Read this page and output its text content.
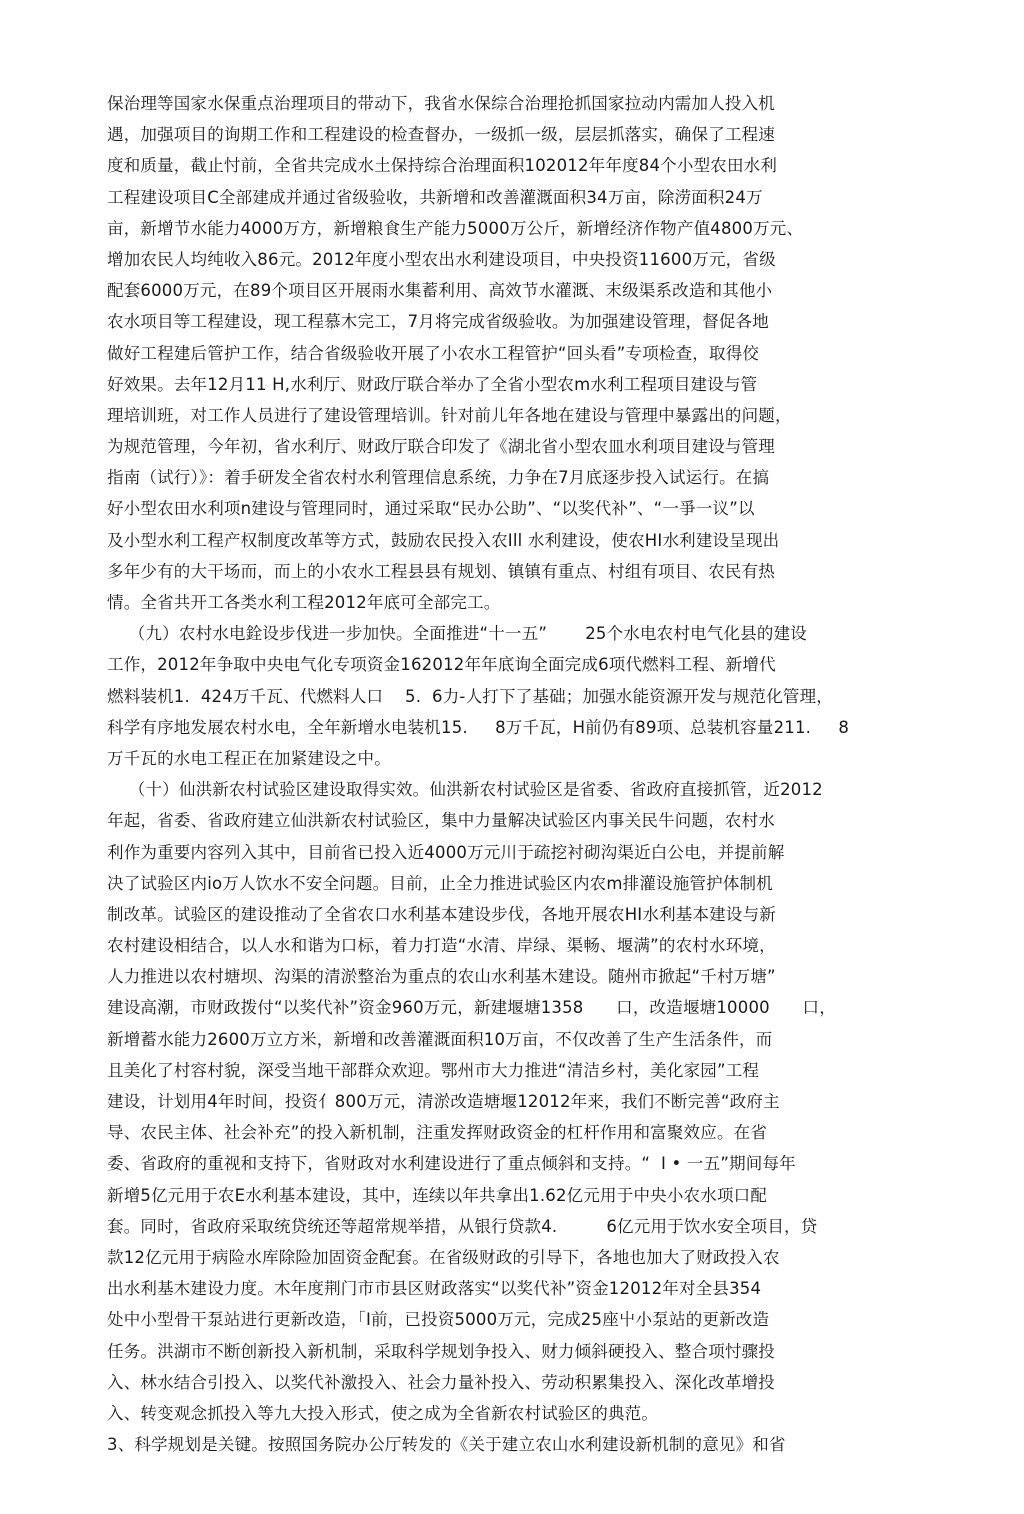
保治理等国家水保重点治理项目的带动下，我省水保综合治理抢抓国家拉动内需加人投入机
遇，加强项目的询期工作和工程建设的检查督办，一级抓一级，层层抓落实，确保了工程速
度和质量，截止忖前，全省共完成水土保持综合治理面积102012年年度84个小型农田水利
工程建设项目C全部建成并通过省级验收，共新增和改善灌溉面积34万亩，除涝面积24万
亩，新增节水能力4000万方，新增粮食生产能力5000万公斤，新增经济作物产值4800万元、
增加农民人均纯收入86元。2012年度小型农出水利建设项目，中央投资11600万元，省级
配套6000万元，在89个项目区开展雨水集蓄利用、高效节水灌溉、末级渠系改造和其他小
农水项目等工程建设，现工程慕木完工，7月将完成省级验收。为加强建设管理，督促各地
做好工程建后管护工作，结合省级验收开展了小农水工程管护“回头看”专项检查，取得佼
好效果。去年12月11 H,水利厅、财政厅联合举办了全省小型农m水利工程项目建设与管
理培训班，对工作人员进行了建设管理培训。针对前儿年各地在建设与管理中暴露出的问题，
为规范管理，今年初，省水利厅、财政厅联合印发了《湖北省小型农皿水利项目建设与管理
指南（试行）》：着手研发全省农村水利管理信息系统，力争在7月底逐步投入试运行。在搞
好小型农田水利项n建设与管理同时，通过采取“民办公助”、“以奖代补”、“一爭一议”以
及小型水利工程产权制度改革等方式，鼓励农民投入农Ill 水利建设，使农HI水利建设呈现出
多年少有的大干场而，而上的小农水工程县县有规划、镇镇有重点、村组有项目、农民有热
情。全省共开工各类水利工程2012年底可全部完工。
（九）农村水电銓设步伐进一步加快。全面推进“十一五”       25个水电农村电气化县的建设
工作，2012年争取中央电气化专项资金162012年年底询全面完成6项代燃料工程、新增代
燃料装机1.  424万千瓦、代燃料人口    5.  6力-人打下了基础；加强水能资源开发与规范化管理，
科学有序地发展农村水电，全年新增水电装机15.     8万千瓦，H前仍有89项、总装机容量211.     8
万千瓦的水电工程正在加紧建设之中。
（十）仙洪新农村试验区建设取得实效。仙洪新农村试验区是省委、省政府直接抓管，近2012
年起，省委、省政府建立仙洪新农村试验区，集中力量解决试验区内事关民牛问题，农村水
利作为重要内容列入其中，目前省已投入近4000万元川于疏挖衬砌沟渠近白公电，并提前解
决了试验区内io万人饮水不安全问题。目前，止全力推进试验区内农m排灌设施管护体制机
制改革。试验区的建设推动了全省农口水利基本建设步伐，各地开展农HI水利基本建设与新
农村建设相结合，以人水和谐为口标，着力打造“水清、岸绿、渠畅、堰满”的农村水环境，
人力推进以农村塘坝、沟渠的清淤整治为重点的农山水利基木建设。随州市掀起“千村万塘”
建设高潮，市财政拨付“以奖代补”资金960万元，新建堰塘1358      口，改造堰塘10000      口，
新增蓄水能力2600万立方米，新增和改善灌溉面积10万亩，不仅改善了生产生活条件，而
且美化了村容村貌，深受当地干部群众欢迎。鄂州市大力推进“清洁乡村，美化家园”工程
建设，计划用4年时间，投资亻800万元，清淤改造塘堰12012年来，我们不断完善“政府主
导、农民主体、社会补充”的投入新机制，注重发挥财政资金的杠杆作用和富聚效应。在省
委、省政府的重视和支持下，省财政对水利建设进行了重点倾斜和支持。“  I • 一五”期间每年
新增5亿元用于农E水利基本建设，其中，连续以年共拿出1.62亿元用于中央小农水项口配
套。同时，省政府采取统贷统还等超常规举措，从银行贷款4.         6亿元用于饮水安全项目，贷
款12亿元用于病险水库除险加固资金配套。在省级财政的引导下，各地也加大了财政投入农
出水利基木建设力度。木年度荆门市市县区财政落实“以奖代补”资金12012年对全县354
处中小型骨干泵站进行更新改造，「I前，已投资5000万元，完成25座屮小泵站的更新改造
任务。洪湖市不断创新投入新机制，采取科学规划争投入、财力倾斜硬投入、整合项忖骤投
入、林水结合引投入、以奖代补激投入、社会力量补投入、劳动积累集投入、深化改革增投
入、转变观念抓投入等九大投入形式，使之成为全省新农村试验区的典范。
3、科学规划是关键。按照国务院办公厅转发的《关于建立农山水利建设新机制的意见》和省
